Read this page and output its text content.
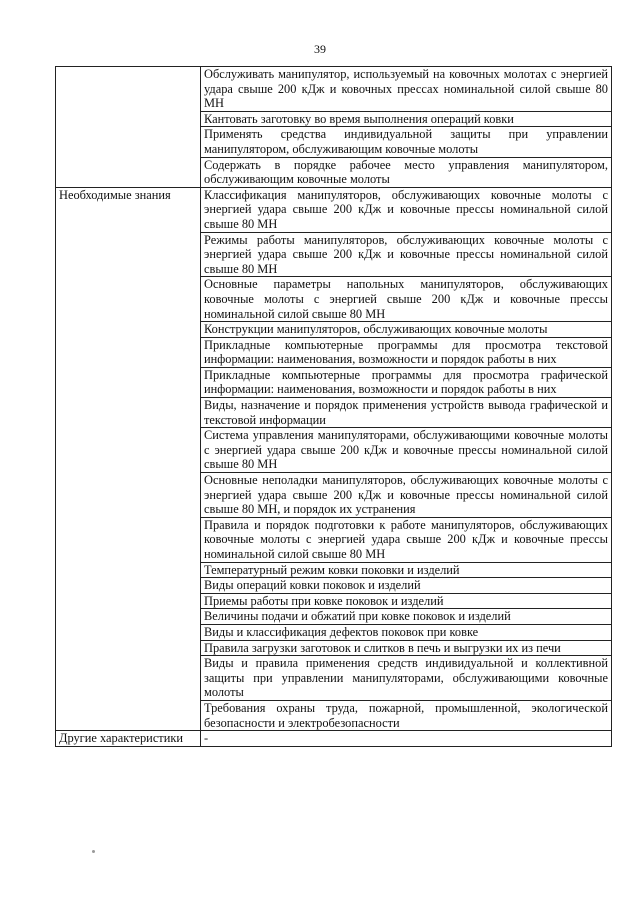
39
	Обслуживать манипулятор, используемый на ковочных молотах с энергией удара свыше 200 кДж и ковочных прессах номинальной силой свыше 80 МН
	Кантовать заготовку во время выполнения операций ковки
	Применять средства индивидуальной защиты при управлении манипулятором, обслуживающим ковочные молоты
	Содержать в порядке рабочее место управления манипулятором, обслуживающим ковочные молоты
Необходимые знания	Классификация манипуляторов, обслуживающих ковочные молоты с энергией удара свыше 200 кДж и ковочные прессы номинальной силой свыше 80 МН
	Режимы работы манипуляторов, обслуживающих ковочные молоты с энергией удара свыше 200 кДж и ковочные прессы номинальной силой свыше 80 МН
	Основные параметры напольных манипуляторов, обслуживающих ковочные молоты с энергией свыше 200 кДж и ковочные прессы номинальной силой свыше 80 МН
	Конструкции манипуляторов, обслуживающих ковочные молоты
	Прикладные компьютерные программы для просмотра текстовой информации: наименования, возможности и порядок работы в них
	Прикладные компьютерные программы для просмотра графической информации: наименования, возможности и порядок работы в них
	Виды, назначение и порядок применения устройств вывода графической и текстовой информации
	Система управления манипуляторами, обслуживающими ковочные молоты с энергией удара свыше 200 кДж и ковочные прессы номинальной силой свыше 80 МН
	Основные неполадки манипуляторов, обслуживающих ковочные молоты с энергией удара свыше 200 кДж и ковочные прессы номинальной силой свыше 80 МН, и порядок их устранения
	Правила и порядок подготовки к работе манипуляторов, обслуживающих ковочные молоты с энергией удара свыше 200 кДж и ковочные прессы номинальной силой свыше 80 МН
	Температурный режим ковки поковки и изделий
	Виды операций ковки поковок и изделий
	Приемы работы при ковке поковок и изделий
	Величины подачи и обжатий при ковке поковок и изделий
	Виды и классификация дефектов поковок при ковке
	Правила загрузки заготовок и слитков в печь и выгрузки их из печи
	Виды и правила применения средств индивидуальной и коллективной защиты при управлении манипуляторами, обслуживающими ковочные молоты
	Требования охраны труда, пожарной, промышленной, экологической безопасности и электробезопасности
Другие характеристики	-
